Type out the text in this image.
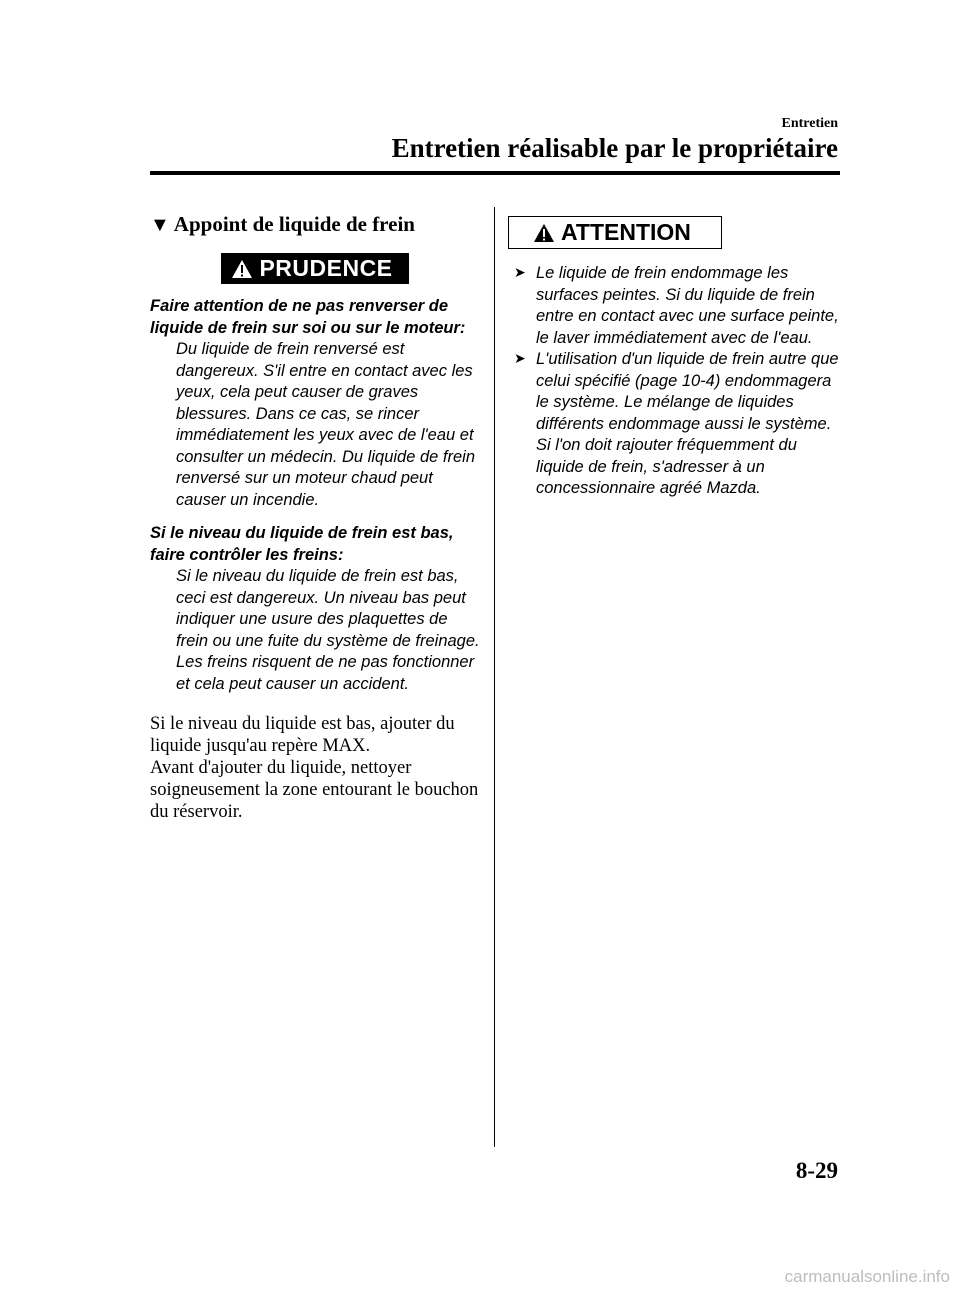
Entretien
Entretien réalisable par le propriétaire
▼ Appoint de liquide de frein
PRUDENCE

Faire attention de ne pas renverser de liquide de frein sur soi ou sur le moteur:

Du liquide de frein renversé est dangereux. S'il entre en contact avec les yeux, cela peut causer de graves blessures. Dans ce cas, se rincer immédiatement les yeux avec de l'eau et consulter un médecin. Du liquide de frein renversé sur un moteur chaud peut causer un incendie.

Si le niveau du liquide de frein est bas, faire contrôler les freins:

Si le niveau du liquide de frein est bas, ceci est dangereux. Un niveau bas peut indiquer une usure des plaquettes de frein ou une fuite du système de freinage. Les freins risquent de ne pas fonctionner et cela peut causer un accident.

Si le niveau du liquide est bas, ajouter du liquide jusqu'au repère MAX.

Avant d'ajouter du liquide, nettoyer soigneusement la zone entourant le bouchon du réservoir.

ATTENTION
➤ Le liquide de frein endommage les surfaces peintes. Si du liquide de frein entre en contact avec une surface peinte, le laver immédiatement avec de l'eau.
➤ L'utilisation d'un liquide de frein autre que celui spécifié (page 10-4) endommagera le système. Le mélange de liquides différents endommage aussi le système.
Si l'on doit rajouter fréquemment du liquide de frein, s'adresser à un concessionnaire agréé Mazda.
8-29
carmanualsonline.info
